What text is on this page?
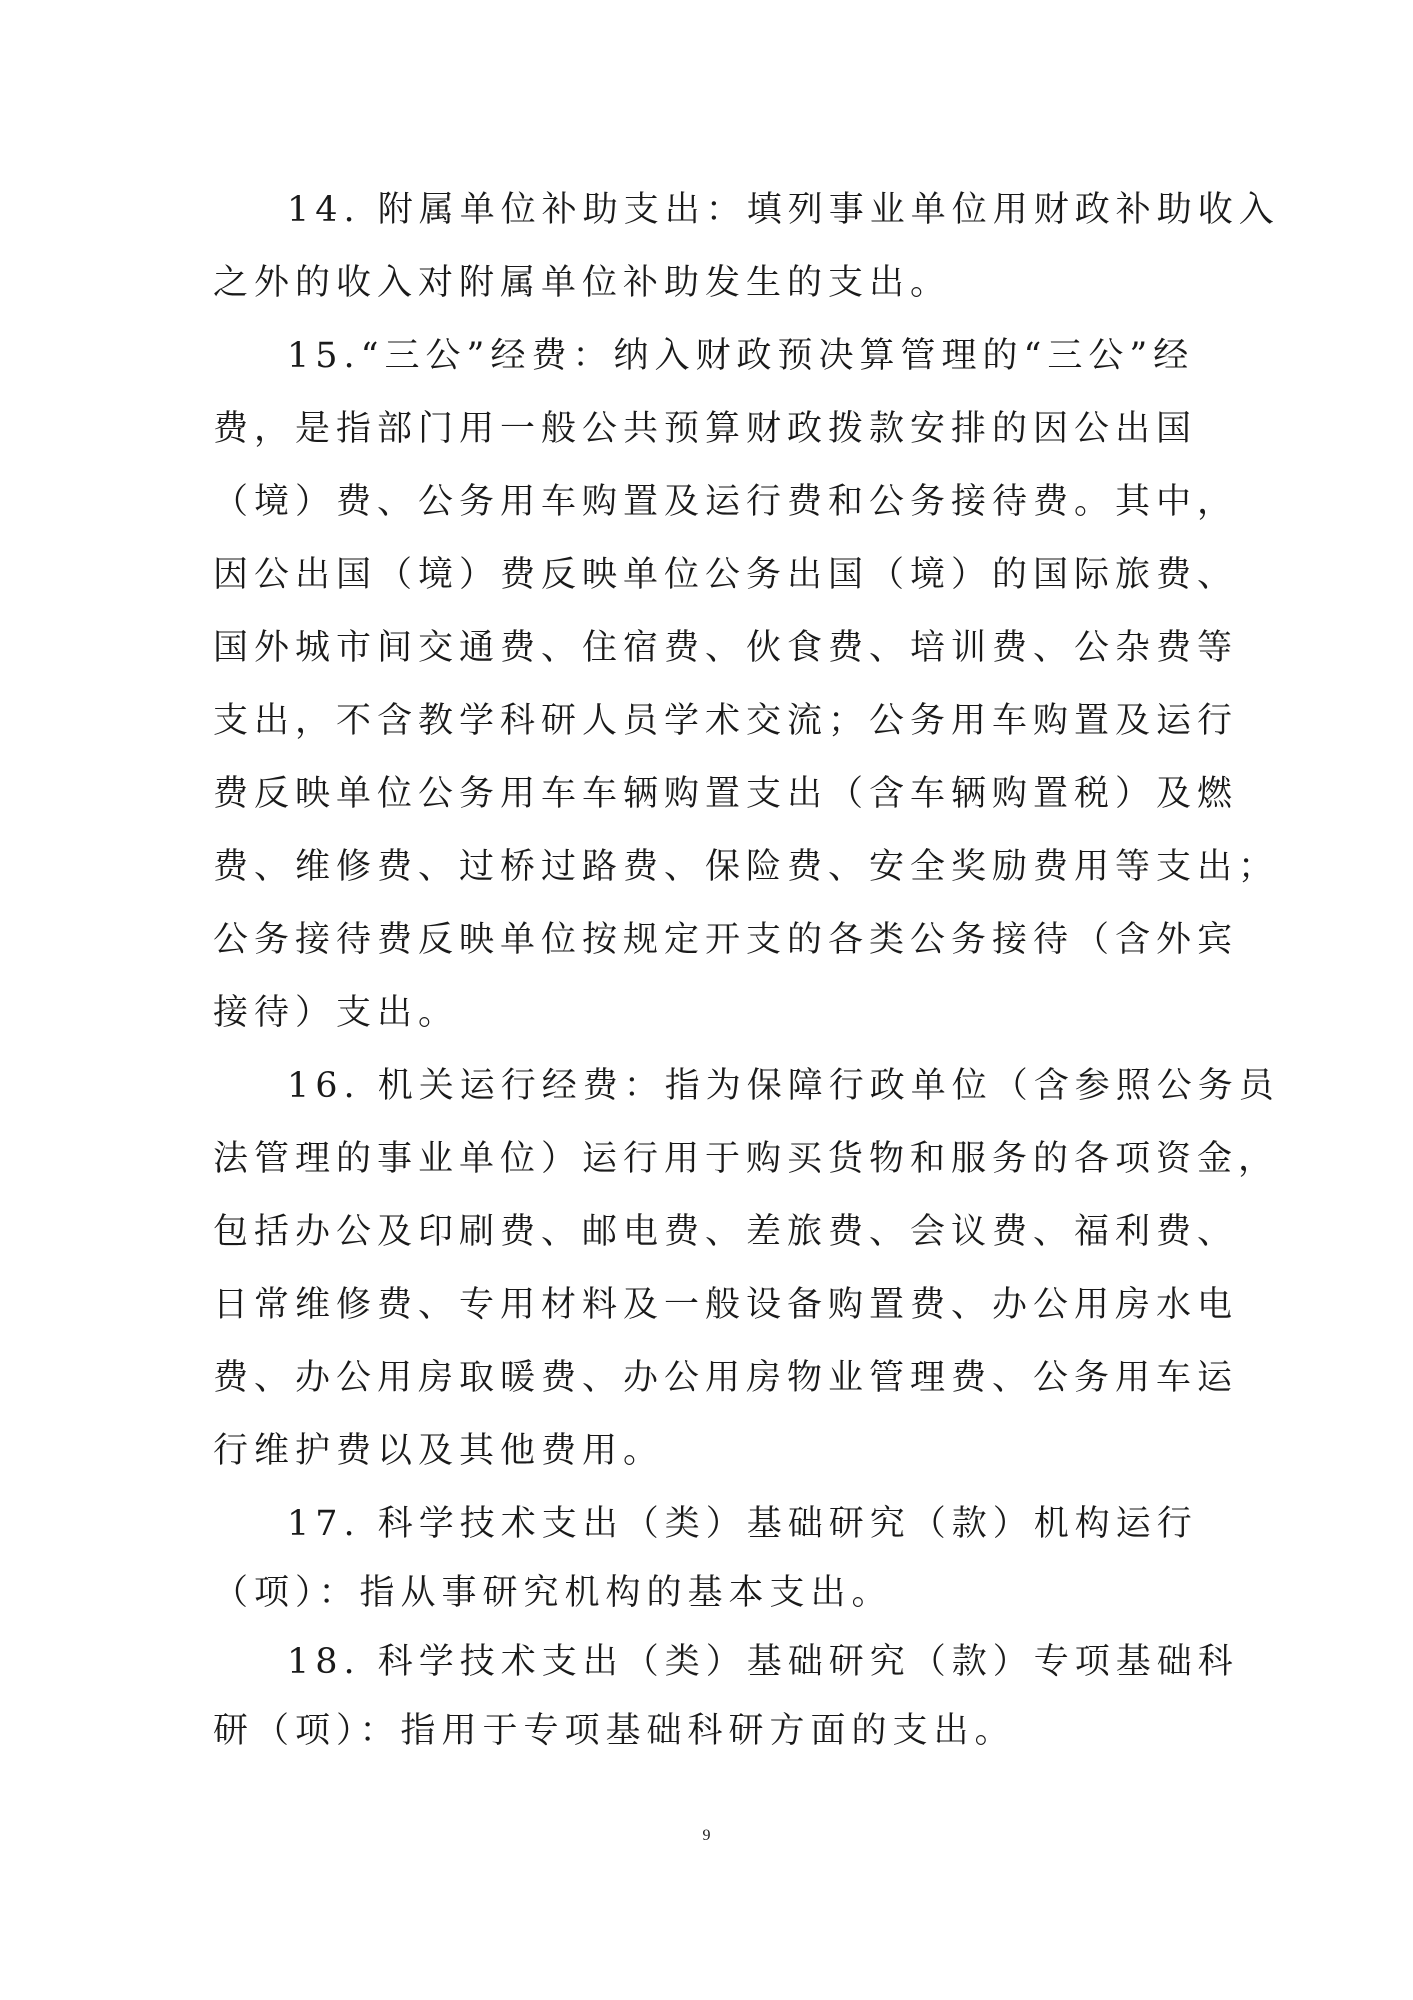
14. 附属单位补助支出：填列事业单位用财政补助收入
之外的收入对附属单位补助发生的支出。
15.“三公”经费：纳入财政预决算管理的“三公”经
费，是指部门用一般公共预算财政拨款安排的因公出国
（境）费、公务用车购置及运行费和公务接待费。其中，
因公出国（境）费反映单位公务出国（境）的国际旅费、
国外城市间交通费、住宿费、伙食费、培训费、公杂费等
支出，不含教学科研人员学术交流；公务用车购置及运行
费反映单位公务用车车辆购置支出（含车辆购置税）及燃
费、维修费、过桥过路费、保险费、安全奖励费用等支出；
公务接待费反映单位按规定开支的各类公务接待（含外宾
接待）支出。
16. 机关运行经费：指为保障行政单位（含参照公务员
法管理的事业单位）运行用于购买货物和服务的各项资金，
包括办公及印刷费、邮电费、差旅费、会议费、福利费、
日常维修费、专用材料及一般设备购置费、办公用房水电
费、办公用房取暖费、办公用房物业管理费、公务用车运
行维护费以及其他费用。
17. 科学技术支出（类）基础研究（款）机构运行
（项）：指从事研究机构的基本支出。
18. 科学技术支出（类）基础研究（款）专项基础科
研（项）：指用于专项基础科研方面的支出。
9
